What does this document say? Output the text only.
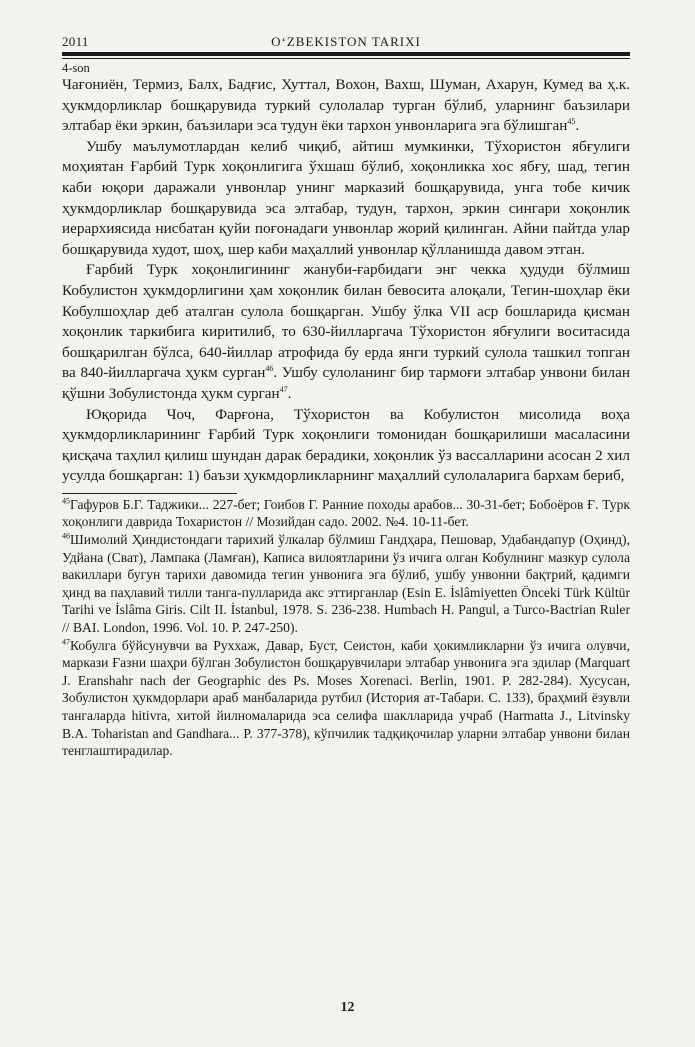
2011	O‘ZBEKISTON TARIXI
4-son

Чағониён, Термиз, Балх, Бадғис, Хуттал, Вохон, Вахш, Шуман, Ахарун, Кумед ва ҳ.к. ҳукмдорликлар бошқарувида туркий сулолалар турган бўлиб, уларнинг баъзилари элтабар ёки эркин, баъзилари эса тудун ёки тархон унвонларига эга бўлишган$^{45}$.

Ушбу маълумотлардан келиб чиқиб, айтиш мумкинки, Тўхористон ябғулиги моҳиятан Ғарбий Турк хоқонлигига ўхшаш бўлиб, хоқонликка хос ябғу, шад, тегин каби юқори даражали унвонлар унинг марказий бошқарувида, унга тобе кичик ҳукмдорликлар бошқарувида эса элтабар, тудун, тархон, эркин сингари хоқонлик иерархиясида нисбатан қуйи поғонадаги унвонлар жорий қилинган. Айни пайтда улар бошқарувида худот, шоҳ, шер каби маҳаллий унвонлар қўлланишда давом этган.

Ғарбий Турк хоқонлигининг жануби-ғарбидаги энг чекка ҳудуди бўлмиш Кобулистон ҳукмдорлигини ҳам хоқонлик билан бевосита алоқали, Тегин-шоҳлар ёки Кобулшоҳлар деб аталган сулола бошқарган. Ушбу ўлка VII аср бошларида қисман хоқонлик таркибига киритилиб, то 630-йилларгача Тўхористон ябғулиги воситасида бошқарилган бўлса, 640-йиллар атрофида бу ерда янги туркий сулола ташкил топган ва 840-йилларгача ҳукм сурган$^{46}$. Ушбу сулоланинг бир тармоғи элтабар унвони билан қўшни Зобулистонда ҳукм сурган$^{47}$.

Юқорида Чоч, Фарғона, Тўхористон ва Кобулистон мисолида воҳа ҳукмдорликларининг Ғарбий Турк хоқонлиги томонидан бошқарилиши масаласини қисқача таҳлил қилиш шундан дарак берадики, хоқонлик ўз вассалларини асосан 2 хил усулда бошқарган: 1) баъзи ҳукмдорликларнинг маҳаллий сулолаларига бархам бериб,

$^{45}$Гафуров Б.Г. Таджики... 227-бет; Гоибов Г. Ранние походы арабов... 30-31-бет; Бобоёров Ғ. Турк хоқонлиги даврида Тохаристон // Мозийдан садо. 2002. №4. 10-11-бет.

$^{46}$Шимолий Ҳиндистондаги тарихий ўлкалар бўлмиш Гандҳара, Пешовар, Удабандапур (Оҳинд), Удйана (Сват), Лампака (Ламған), Каписа вилоятларини ўз ичига олган Кобулнинг мазкур сулола вакиллари бугун тарихи давомида тегин унвонига эга бўлиб, ушбу унвонни бақтрий, қадимги ҳинд ва паҳлавий тилли танга-пулларида акс эттирганлар (Esin E. İslâmiyetten Önceki Türk Kültür Tarihi ve İslâma Giris. Cilt II. İstanbul, 1978. S. 236-238. Humbach H. Pangul, a Turco-Bactrian Ruler // BAI. London, 1996. Vol. 10. P. 247-250).

$^{47}$Кобулга бўйсунувчи ва Руххаж, Давар, Буст, Сеистон, каби ҳокимликларни ўз ичига олувчи, маркази Ғазни шаҳри бўлган Зобулистон бошқарувчилари элтабар унвонига эга эдилар (Marquart J. Eranshahr nach der Geographic des Ps. Moses Xorenaci. Berlin, 1901. P. 282-284). Хусусан, Зобулистон ҳукмдорлари араб манбаларида рутбил (История ат-Табари. С. 133), браҳмий ёзувли тангаларда hitivra, хитой йилномаларида эса селифа шаклларида учраб (Harmatta J., Litvinsky B.A. Toharistan and Gandhara... P. 377-378), кўпчилик тадқиқочилар уларни элтабар унвони билан тенглаштирадилар.

12
